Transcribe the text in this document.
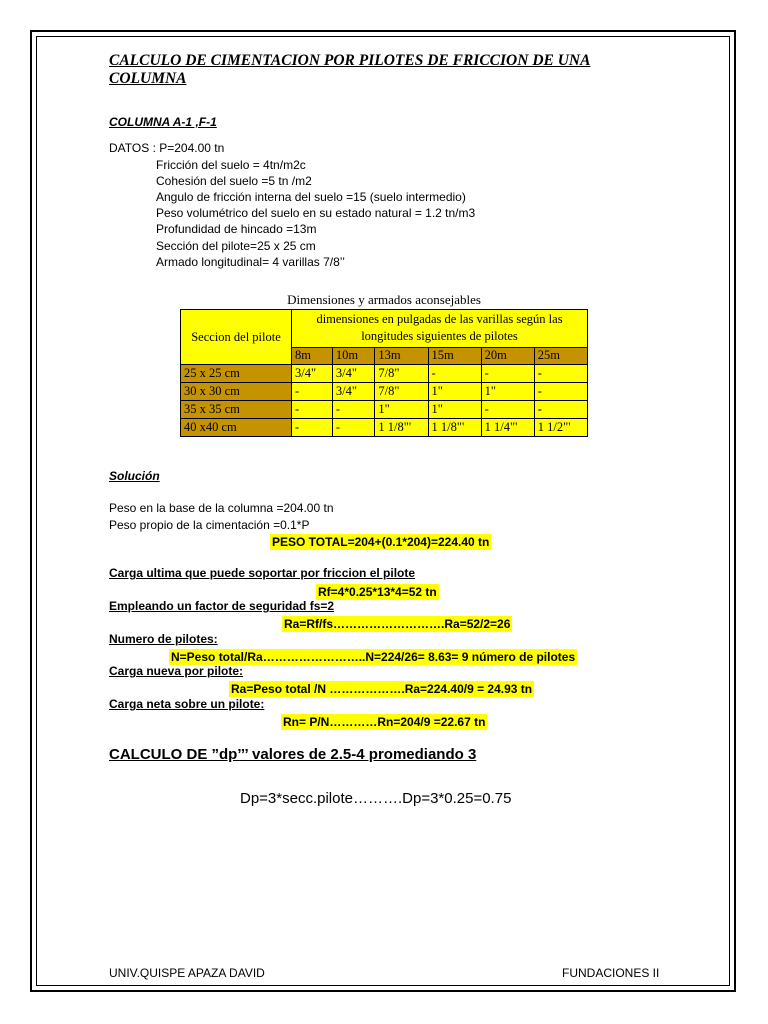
CALCULO DE CIMENTACION POR PILOTES DE FRICCION DE UNA COLUMNA
COLUMNA A-1 ,F-1
DATOS : P=204.00 tn
Fricción del suelo = 4tn/m2c
Cohesión del suelo =5 tn /m2
Angulo de fricción interna del suelo =15 (suelo intermedio)
Peso volumétrico del suelo en su estado natural = 1.2 tn/m3
Profundidad de hincado =13m
Sección del pilote=25 x 25 cm
Armado longitudinal= 4 varillas 7/8’’
Dimensiones y armados aconsejables
Seccion del pilote	dimensiones en pulgadas de las varillas según las longitudes siguientes de pilotes					
	8m	10m	13m	15m	20m	25m
25 x 25 cm	3/4"	3/4"	7/8"	-	-	-
30 x 30 cm	-	3/4"	7/8"	1"	1"	-
35 x 35 cm	-	-	1"	1"	-	-
40 x40 cm	-	-	1 1/8"'	1 1/8"'	1 1/4"'	1 1/2"'
Solución
Peso en la base de la columna =204.00 tn
Peso propio de la cimentación =0.1*P
PESO TOTAL=204+(0.1*204)=224.40 tn
Carga ultima que puede soportar por friccion el pilote
Rf=4*0.25*13*4=52 tn
Empleando un factor de seguridad fs=2
Ra=Rf/fs……………………….Ra=52/2=26
Numero de pilotes:
N=Peso total/Ra……………………..N=224/26= 8.63= 9 número de pilotes
Carga nueva por pilote:
Ra=Peso total /N ……………….Ra=224.40/9 = 24.93 tn
Carga neta sobre un pilote:
Rn= P/N…………Rn=204/9 =22.67 tn
CALCULO DE ”dp’’’ valores de 2.5-4 promediando 3
Dp=3*secc.pilote……….Dp=3*0.25=0.75
UNIV.QUISPE APAZA DAVID	FUNDACIONES II
